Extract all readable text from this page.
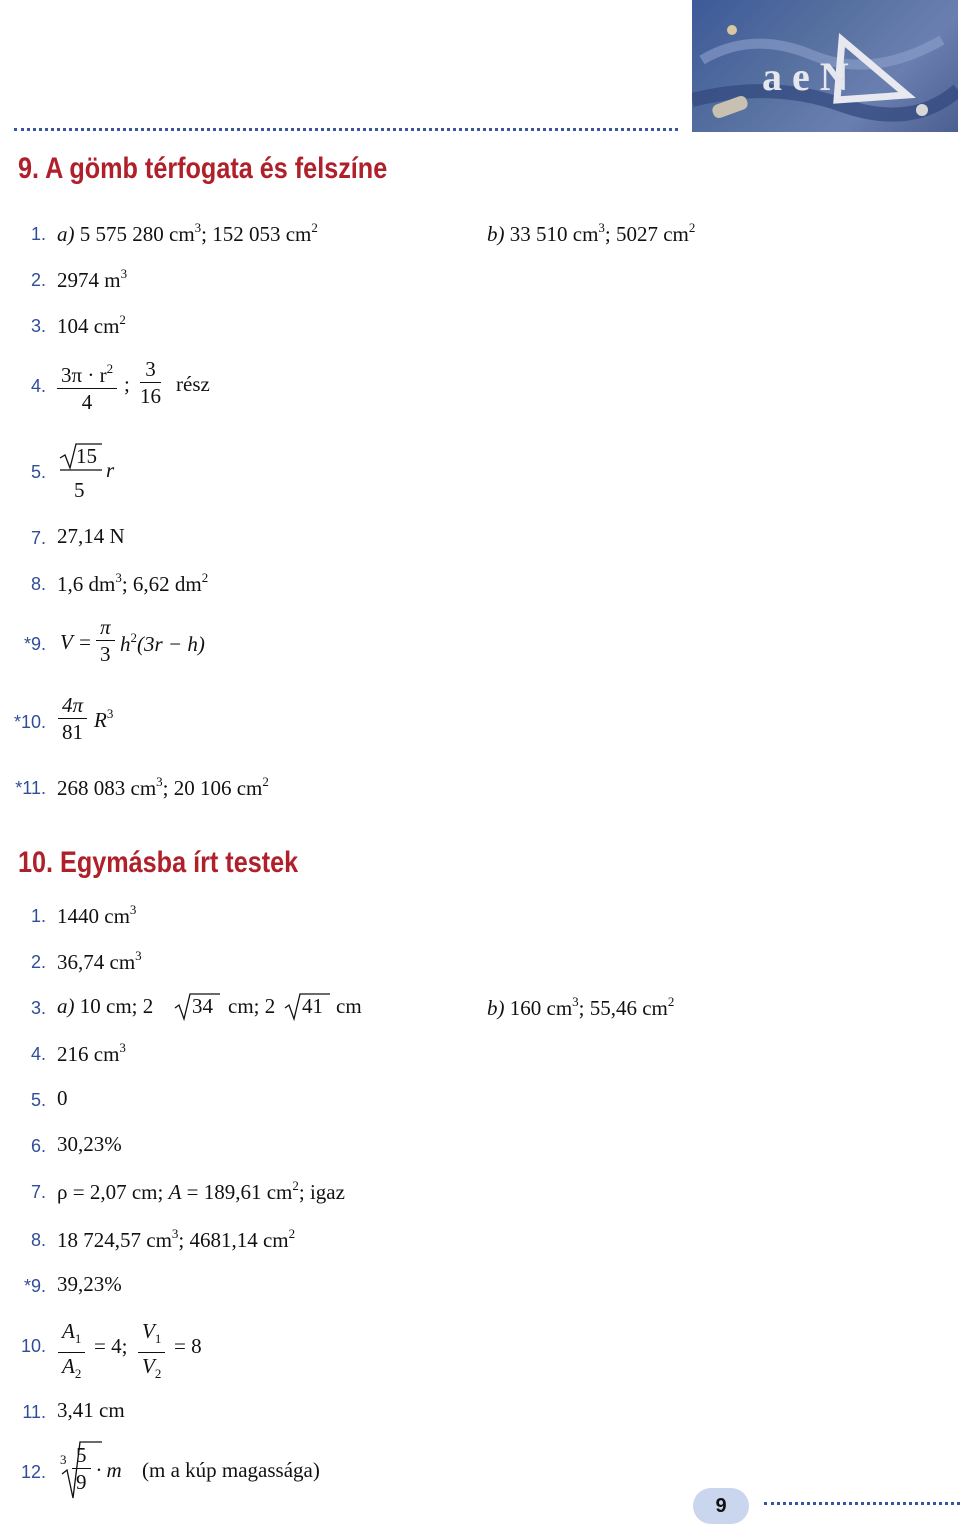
a e N
9. A gömb térfogata és felszíne
1. a) 5 575 280 $cm^3$; 152 053 $cm^2$	b) 33 510 $cm^3$; 5027 $cm^2$
2. 2974 $m^3$
3. 104 $cm^2$
4. $\frac{3\pi \cdot r^2}{4}$ ; $\frac{3}{16}$ rész
5.
15
5
r
7. 27,14 N
8. 1,6 $dm^3$; 6,62 $dm^2$
*9. $V = \frac{\pi}{3} h^2(3r - h)$
*10. $\frac{4\pi}{81} R^3$
*11. 268 083 $cm^3$; 20 106 $cm^2$
10. Egymásba írt testek
1. 1440 $cm^3$
2. 36,74 $cm^3$
3. a) 10 cm; 2 34 cm; 2 41 cm	b) 160 $cm^3$; 55,46 $cm^2$
4. 216 $cm^3$
5. 0
6. 30,23%
7. ρ = 2,07 cm; A = 189,61 $cm^2$; igaz
8. 18 724,57 $cm^3$; 4681,14 $cm^2$
*9. 39,23%
10. $\frac{A_1}{A_2} = 4$; $\frac{V_1}{V_2} = 8$
11. 3,41 cm
12.
$3 \frac{5}{9} \cdot m$ (m a kúp magassága)
9
